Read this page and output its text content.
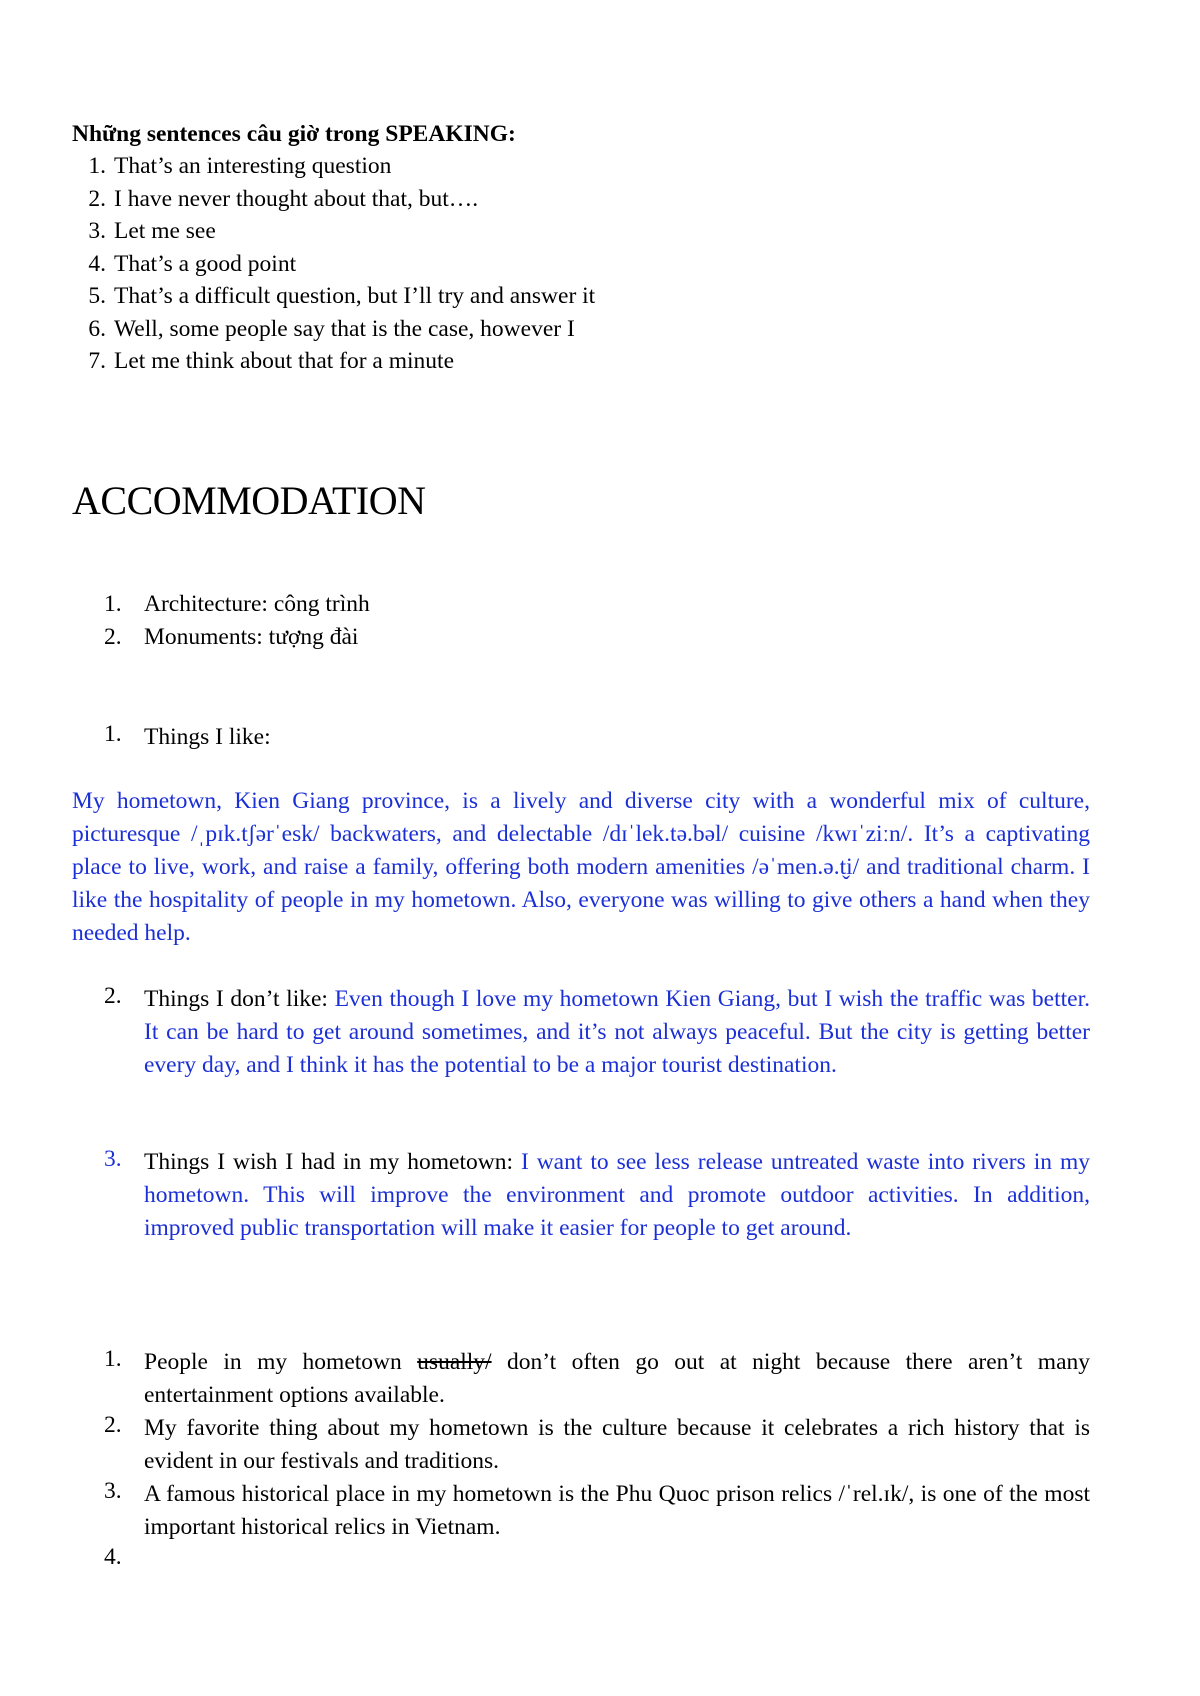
Những sentences câu giờ trong SPEAKING:
1. That’s an interesting question
2. I have never thought about that, but….
3. Let me see
4. That’s a good point
5. That’s a difficult question, but I’ll try and answer it
6. Well, some people say that is the case, however I
7. Let me think about that for a minute
ACCOMMODATION
1. Architecture: công trình
2. Monuments: tượng đài
1. Things I like:
My hometown, Kien Giang province, is a lively and diverse city with a wonderful mix of culture, picturesque /ˌpɪk.tʃərˈesk/ backwaters, and delectable /dɪˈlek.tə.bəl/ cuisine /kwɪˈziːn/. It’s a captivating place to live, work, and raise a family, offering both modern amenities /əˈmen.ə.t̬i/ and traditional charm. I like the hospitality of people in my hometown. Also, everyone was willing to give others a hand when they needed help.
2. Things I don’t like: Even though I love my hometown Kien Giang, but I wish the traffic was better. It can be hard to get around sometimes, and it’s not always peaceful. But the city is getting better every day, and I think it has the potential to be a major tourist destination.
3. Things I wish I had in my hometown: I want to see less release untreated waste into rivers in my hometown. This will improve the environment and promote outdoor activities. In addition, improved public transportation will make it easier for people to get around.
1. People in my hometown usually/ don’t often go out at night because there aren’t many entertainment options available.
2. My favorite thing about my hometown is the culture because it celebrates a rich history that is evident in our festivals and traditions.
3. A famous historical place in my hometown is the Phu Quoc prison relics /ˈrel.ɪk/, is one of the most important historical relics in Vietnam.
4.
